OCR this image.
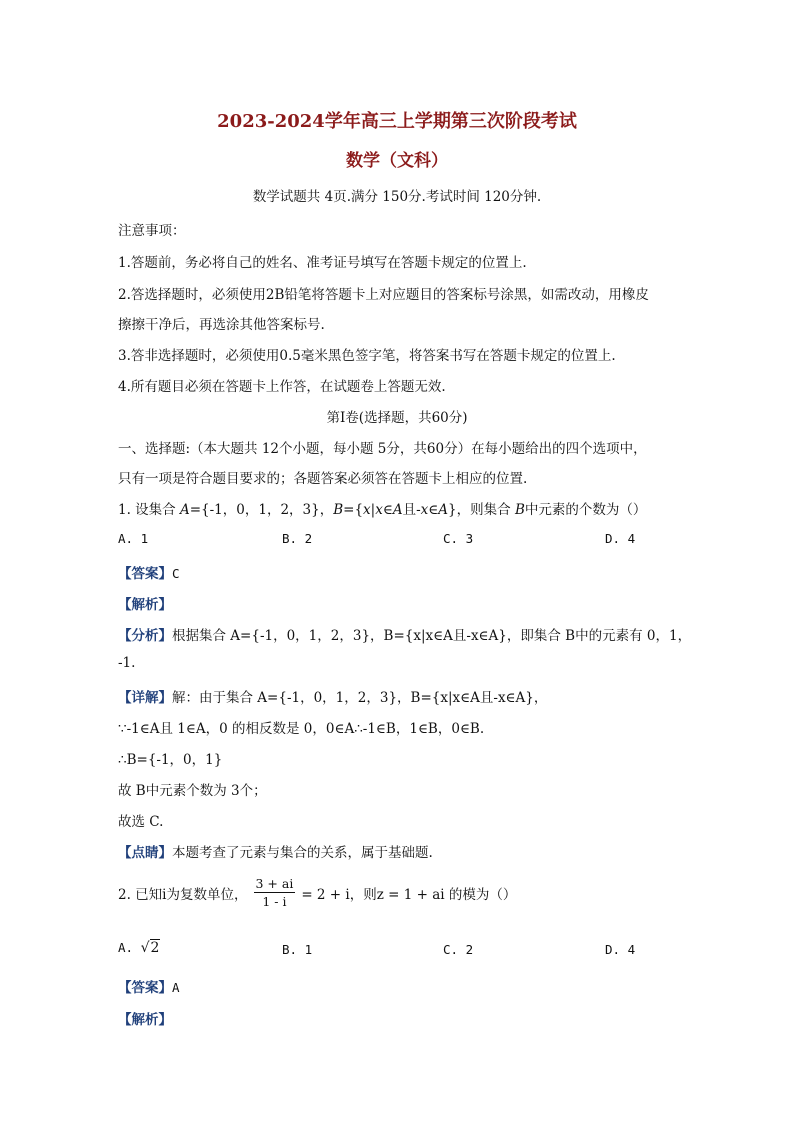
2023-2024学年高三上学期第三次阶段考试
数学（文科）
数学试题共 4页.满分 150分.考试时间 120分钟.
注意事项：
1.答题前，务必将自己的姓名、准考证号填写在答题卡规定的位置上.
2.答选择题时，必须使用2B铅笔将答题卡上对应题目的答案标号涂黑，如需改动，用橡皮
擦擦干净后，再选涂其他答案标号.
3.答非选择题时，必须使用0.5毫米黑色签字笔，将答案书写在答题卡规定的位置上.
4.所有题目必须在答题卡上作答，在试题卷上答题无效.
第Ⅰ卷(选择题，共60分)
一、选择题:（本大题共 12个小题，每小题 5分，共60分）在每小题给出的四个选项中，
只有一项是符合题目要求的；各题答案必须答在答题卡上相应的位置.
1. 设集合 A={-1，0，1，2，3}，B={x|x∈A且-x∈A}，则集合 B中元素的个数为（）
A. 1	B. 2	C. 3	D. 4
【答案】C
【解析】
【分析】根据集合 A={-1，0，1，2，3}，B={x|x∈A且-x∈A}，即集合 B中的元素有 0，1，
-1.
【详解】解：由于集合 A={-1，0，1，2，3}，B={x|x∈A且-x∈A}，
∵-1∈A且 1∈A，0 的相反数是 0，0∈A∴-1∈B，1∈B，0∈B.
∴B={-1，0，1}
故 B中元素个数为 3个；
故选 C.
【点睛】本题考查了元素与集合的关系，属于基础题.
2. 已知i为复数单位， $\frac{3 + ai}{1 - i} = 2 + i$，则z = 1 + ai 的模为（）
A. √2	B. 1	C. 2	D. 4
【答案】A
【解析】
